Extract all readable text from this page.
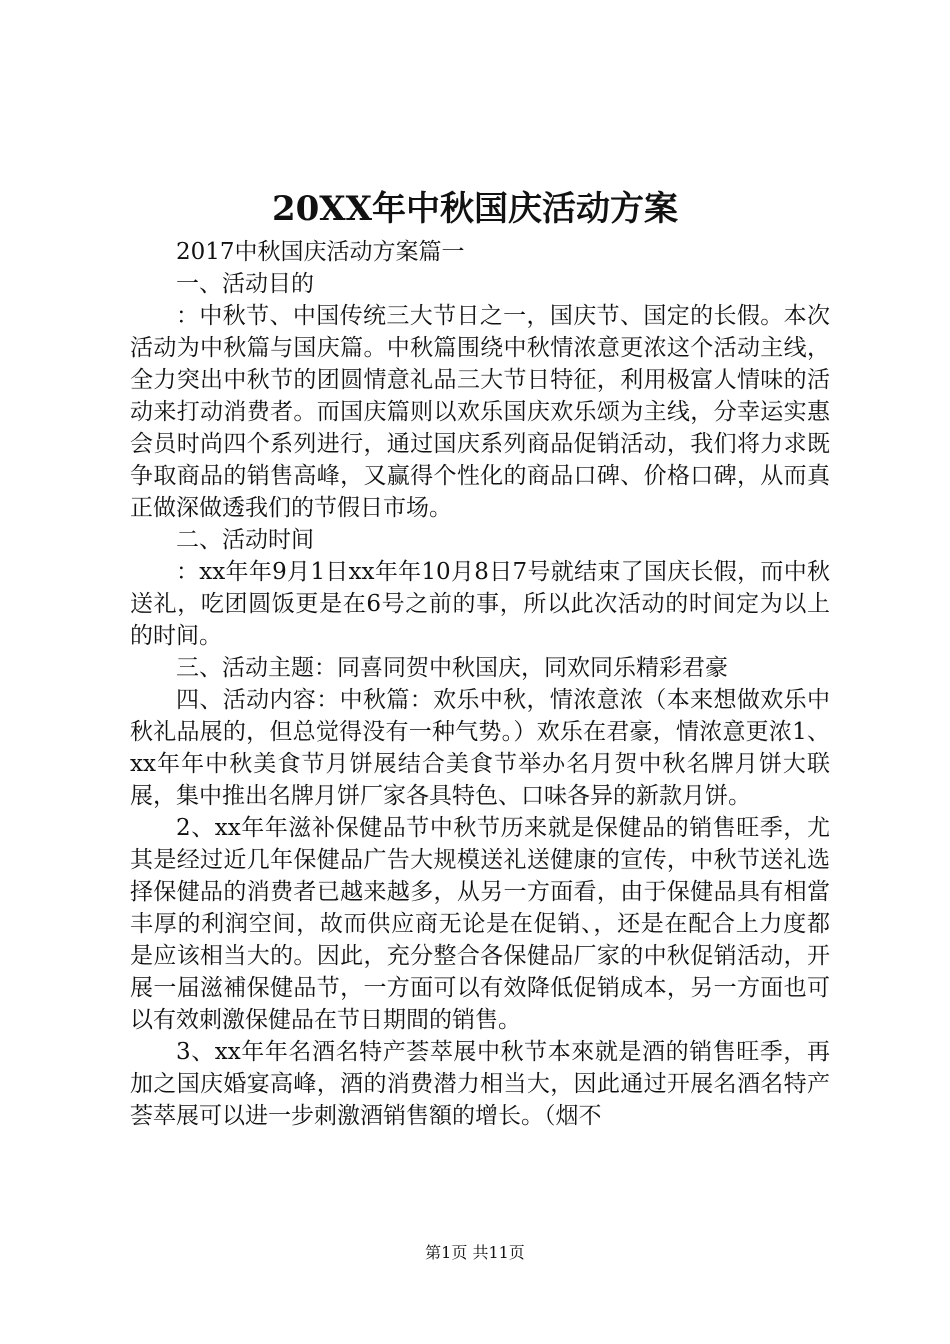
20XX年中秋国庆活动方案

2017中秋国庆活动方案篇一

一、活动目的

：中秋节、中国传统三大节日之一，国庆节、国定的长假。本次活动为中秋篇与国庆篇。中秋篇围绕中秋情浓意更浓这个活动主线，全力突出中秋节的团圆情意礼品三大节日特征，利用极富人情味的活动来打动消费者。而国庆篇则以欢乐国庆欢乐颂为主线，分幸运实惠会员时尚四个系列进行，通过国庆系列商品促销活动，我们将力求既争取商品的销售高峰，又赢得个性化的商品口碑、价格口碑，从而真正做深做透我们的节假日市场。

二、活动时间

：xx年年9月1日xx年年10月8日7号就结束了国庆长假，而中秋送礼，吃团圆饭更是在6号之前的事，所以此次活动的时间定为以上的时间。

三、活动主题：同喜同贺中秋国庆，同欢同乐精彩君豪

四、活动内容：中秋篇：欢乐中秋，情浓意浓（本来想做欢乐中秋礼品展的，但总觉得没有一种气势。）欢乐在君豪，情浓意更浓1、xx年年中秋美食节月饼展结合美食节举办名月贺中秋名牌月饼大联展，集中推出名牌月饼厂家各具特色、口味各异的新款月饼。

2、xx年年滋补保健品节中秋节历来就是保健品的销售旺季，尤其是经过近几年保健品广告大规模送礼送健康的宣传，中秋节送礼选择保健品的消费者已越来越多，从另一方面看，由于保健品具有相當丰厚的利润空间，故而供应商无论是在促销、，还是在配合上力度都是应该相当大的。因此，充分整合各保健品厂家的中秋促销活动，开展一届滋補保健品节，一方面可以有效降低促销成本，另一方面也可以有效刺激保健品在节日期間的销售。

3、xx年年名酒名特产荟萃展中秋节本來就是酒的销售旺季，再加之国庆婚宴高峰，酒的消费潜力相当大，因此通过开展名酒名特产荟萃展可以进一步刺激酒销售額的增长。（烟不

第1页 共11页
